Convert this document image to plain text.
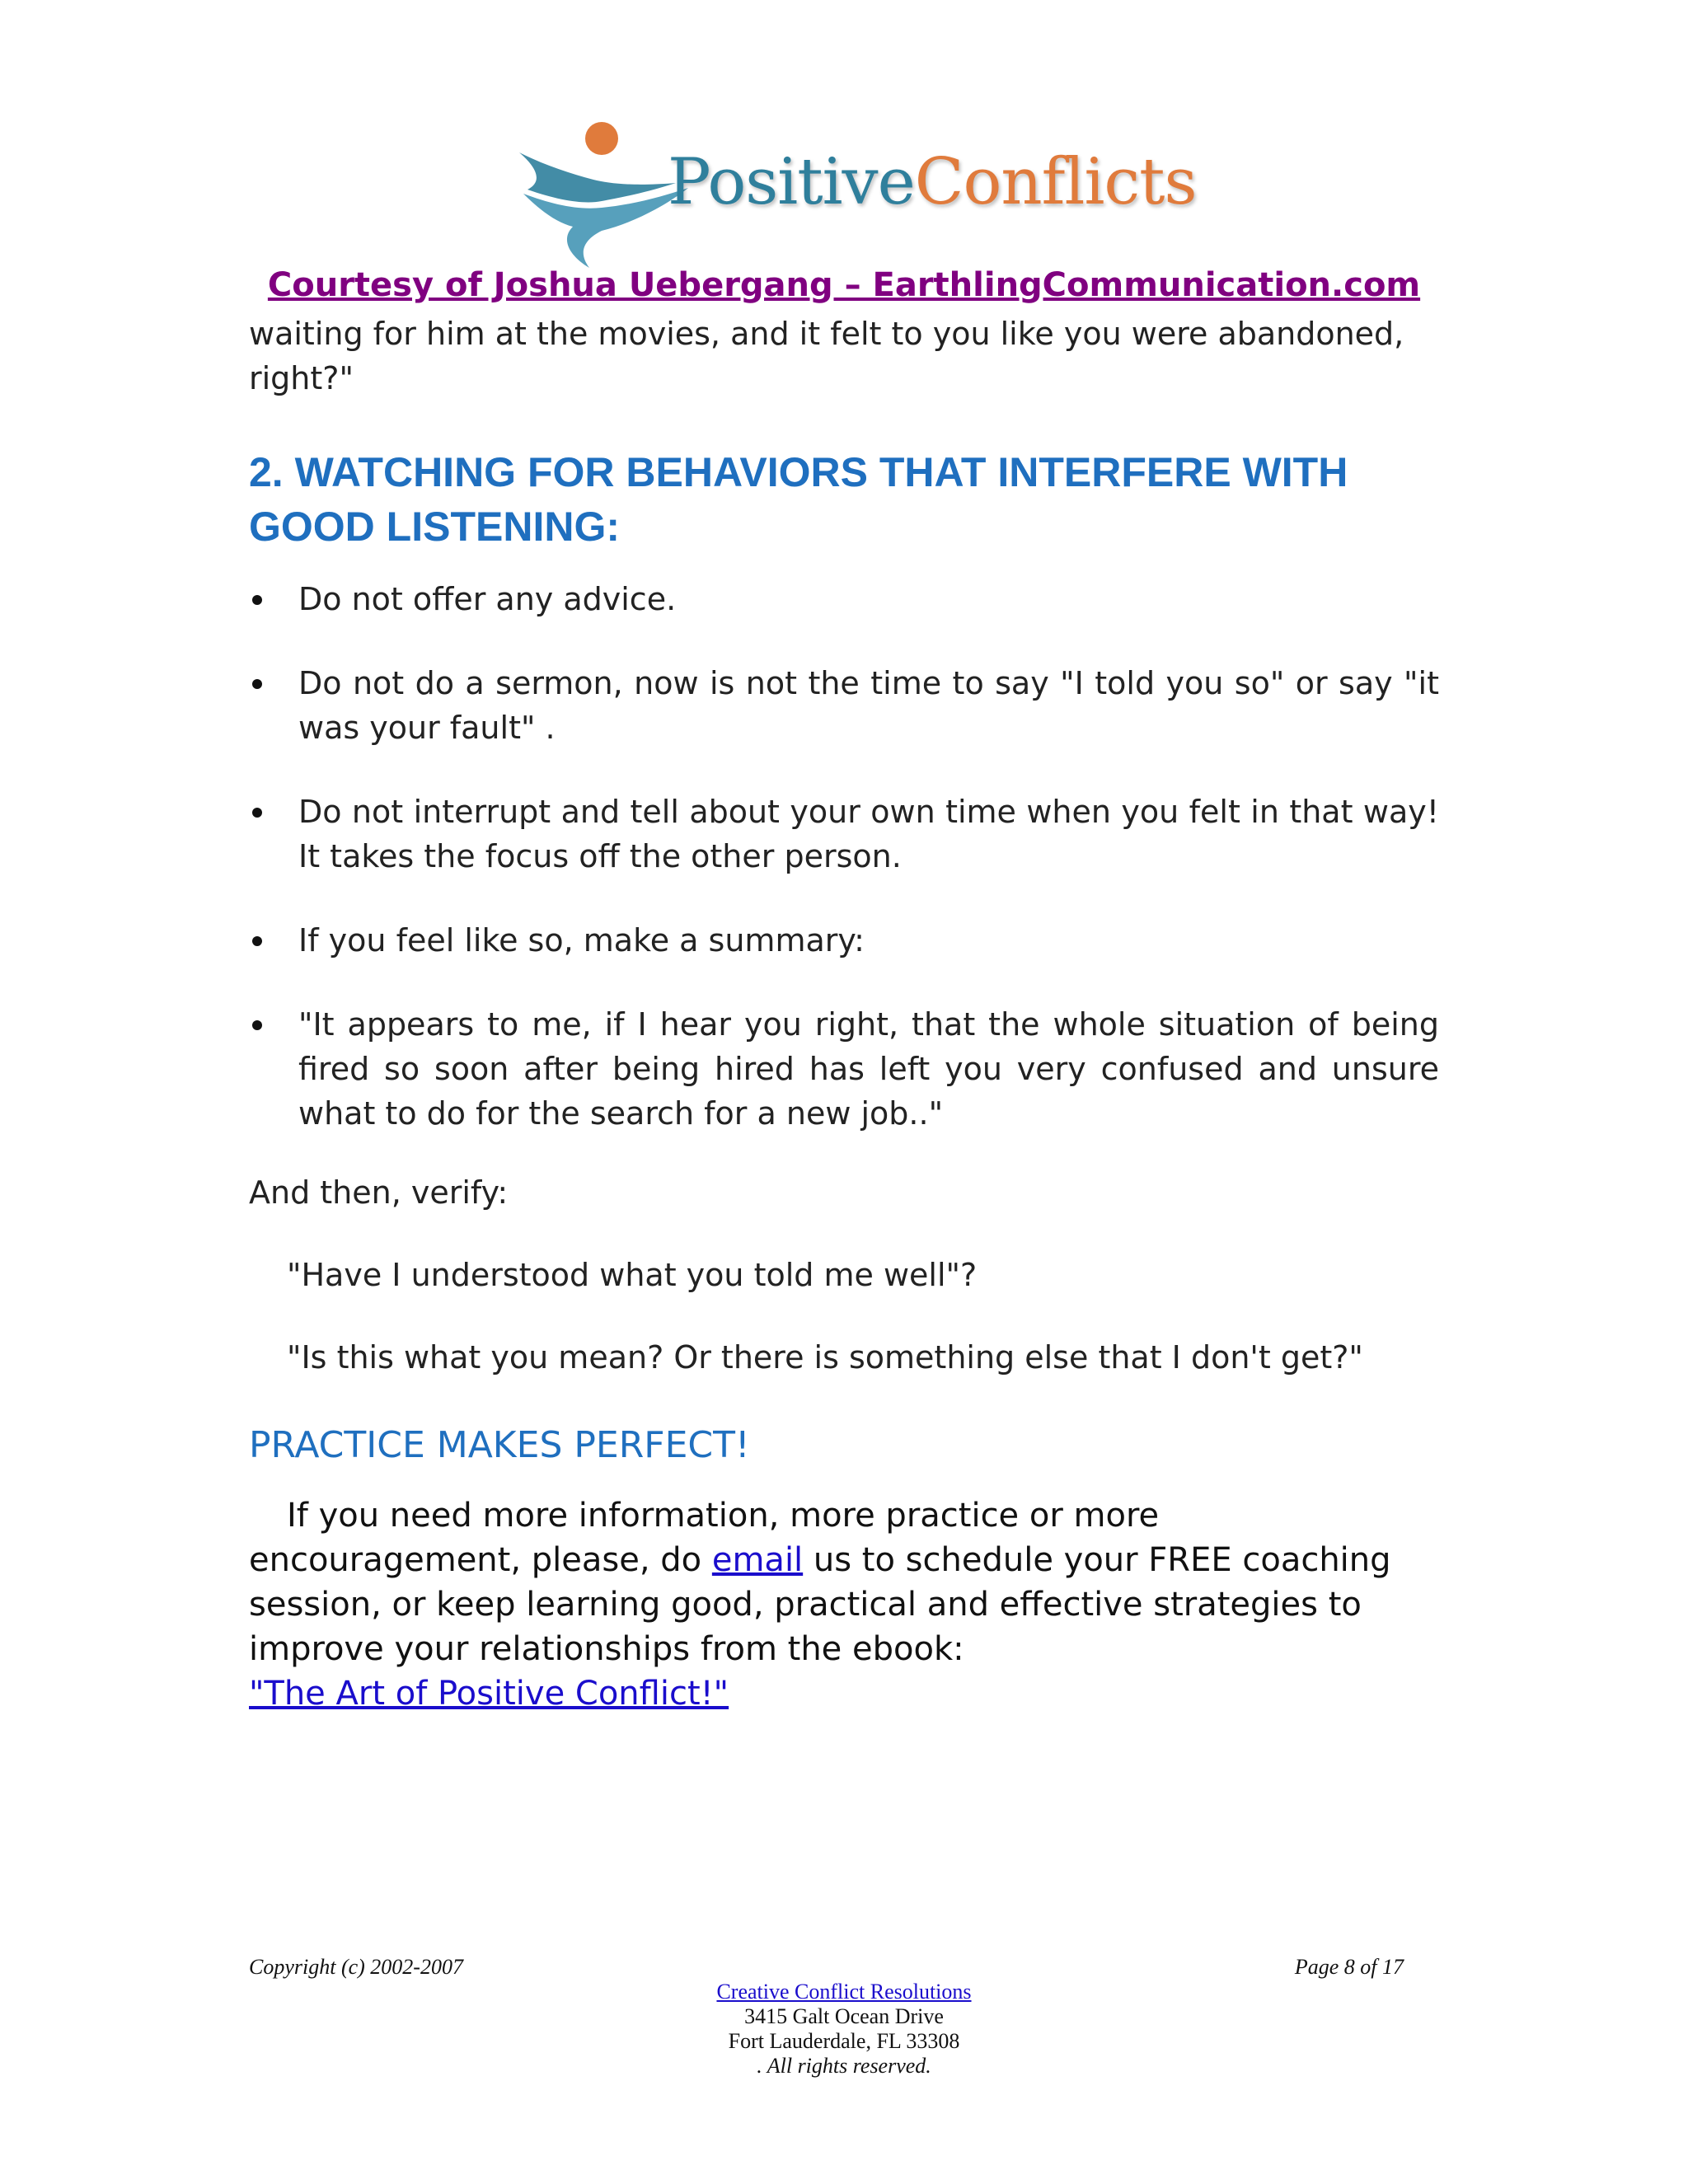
PositiveConflicts
Courtesy of Joshua Uebergang – EarthlingCommunication.com
waiting for him at the movies, and it felt to you like you were abandoned, right?"
2. WATCHING FOR BEHAVIORS THAT INTERFERE WITH
GOOD LISTENING:
Do not offer any advice.
Do not do a sermon, now is not the time to say "I told you so" or say "it was your fault" .
Do not interrupt and tell about your own time when you felt in that way! It takes the focus off the other person.
If you feel like so, make a summary:
"It appears to me, if I hear you right, that the whole situation of being fired so soon after being hired has left you very confused and unsure what to do for the search for a new job.."
And then, verify:
"Have I understood what you told me well"?
"Is this what you mean? Or there is something else that I don't get?"
PRACTICE MAKES PERFECT!
If you need more information, more practice or more encouragement, please, do email us to schedule your FREE coaching session, or keep learning good, practical and effective strategies to improve your relationships from the ebook:
"The Art of Positive Conflict!"
Copyright (c) 2002-2007	Page 8 of 17
Creative Conflict Resolutions
3415 Galt Ocean Drive
Fort Lauderdale, FL 33308
. All rights reserved.
